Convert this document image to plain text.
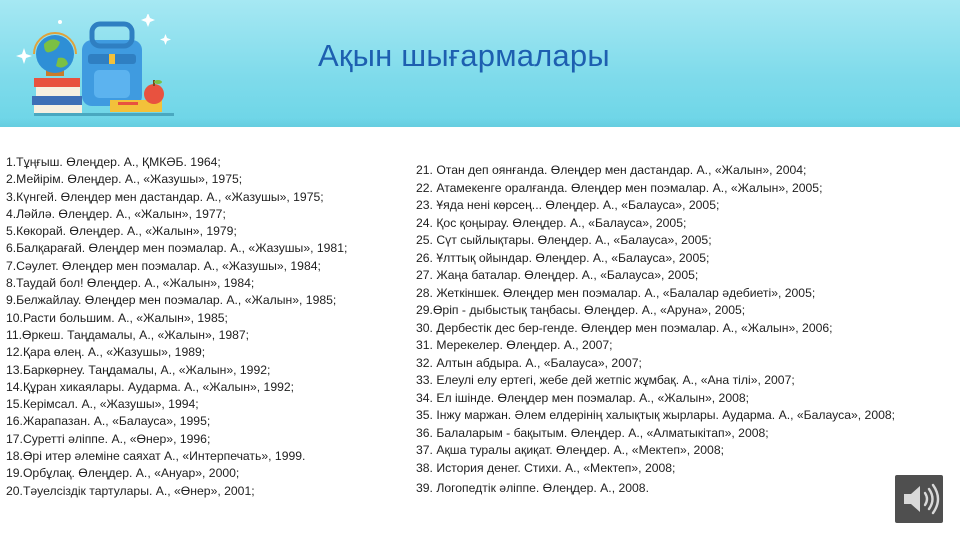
Ақын шығармалары
1.Тұңғыш. Өлеңдер. А., ҚМКӘБ. 1964;
2.Мейірім. Өлеңдер. А., «Жазушы», 1975;
3.Күнгей. Өлеңдер мен дастандар. А., «Жазушы», 1975;
4.Ләйлә. Өлеңдер. А., «Жалын», 1977;
5.Көкорай. Өлеңдер. А., «Жалын», 1979;
6.Балқарағай. Өлеңдер мен поэмалар. А., «Жазушы», 1981;
7.Сәулет. Өлеңдер мен поэмалар. А., «Жазушы», 1984;
8.Таудай бол! Өлеңдер. А., «Жалын», 1984;
9.Белжайлау. Өлеңдер мен поэмалар. А., «Жалын», 1985;
10.Расти большим. А., «Жалын», 1985;
11.Өркеш. Таңдамалы, А., «Жалын», 1987;
12.Қара өлең. А., «Жазушы», 1989;
13.Баркөрнеу. Таңдамалы, А., «Жалын», 1992;
14.Құран хикаялары. Аударма. А., «Жалын», 1992;
15.Керімсал. А., «Жазушы», 1994;
16.Жарапазан. А., «Балауса», 1995;
17.Суретті әліппе. А., «Өнер», 1996;
18.Өрі итер әлеміне саяхат А., «Интерпечать», 1999.
19.Орбұлақ. Өлеңдер. А., «Ануар», 2000;
20.Тәуелсіздік тартулары. А., «Өнер», 2001;
21. Отан деп оянғанда. Өлеңдер мен дастандар. А., «Жалын», 2004;
22. Атамекенге оралғанда. Өлеңдер мен поэмалар. А., «Жалын», 2005;
23. Ұяда нені көрсең... Өлеңдер. А., «Балауса», 2005;
24. Қос қоңырау. Өлеңдер. А., «Балауса», 2005;
25. Сүт сыйлықтары. Өлеңдер. А., «Балауса», 2005;
26. Ұлттық ойындар. Өлеңдер. А., «Балауса», 2005;
27. Жаңа баталар. Өлеңдер. А., «Балауса», 2005;
28. Жеткіншек. Өлеңдер мен поэмалар. А., «Балалар әдебиеті», 2005;
29.Өріп - дыбыстық таңбасы. Өлеңдер. А., «Аруна», 2005;
30. Дербестік дес бер-генде. Өлеңдер мен поэмалар. А., «Жалын», 2006;
31. Мерекелер. Өлеңдер. А., 2007;
32. Алтын абдыра. А., «Балауса», 2007;
33. Елеулі елу ертегі, жебе дей жетпіс жұмбақ. А., «Ана тілі», 2007;
34. Ел ішінде. Өлеңдер мен поэмалар. А., «Жалын», 2008;
35. Інжу маржан. Әлем елдерінің халықтық жырлары. Аударма. А., «Балауса», 2008;
36. Балаларым - бақытым. Өлеңдер. А., «Алматыкітап», 2008;
37. Ақша туралы ақиқат. Өлеңдер. А., «Мектеп», 2008;
38. История денег. Стихи. А., «Мектеп», 2008;
39. Логопедтік әліппе. Өлеңдер. А., 2008.
